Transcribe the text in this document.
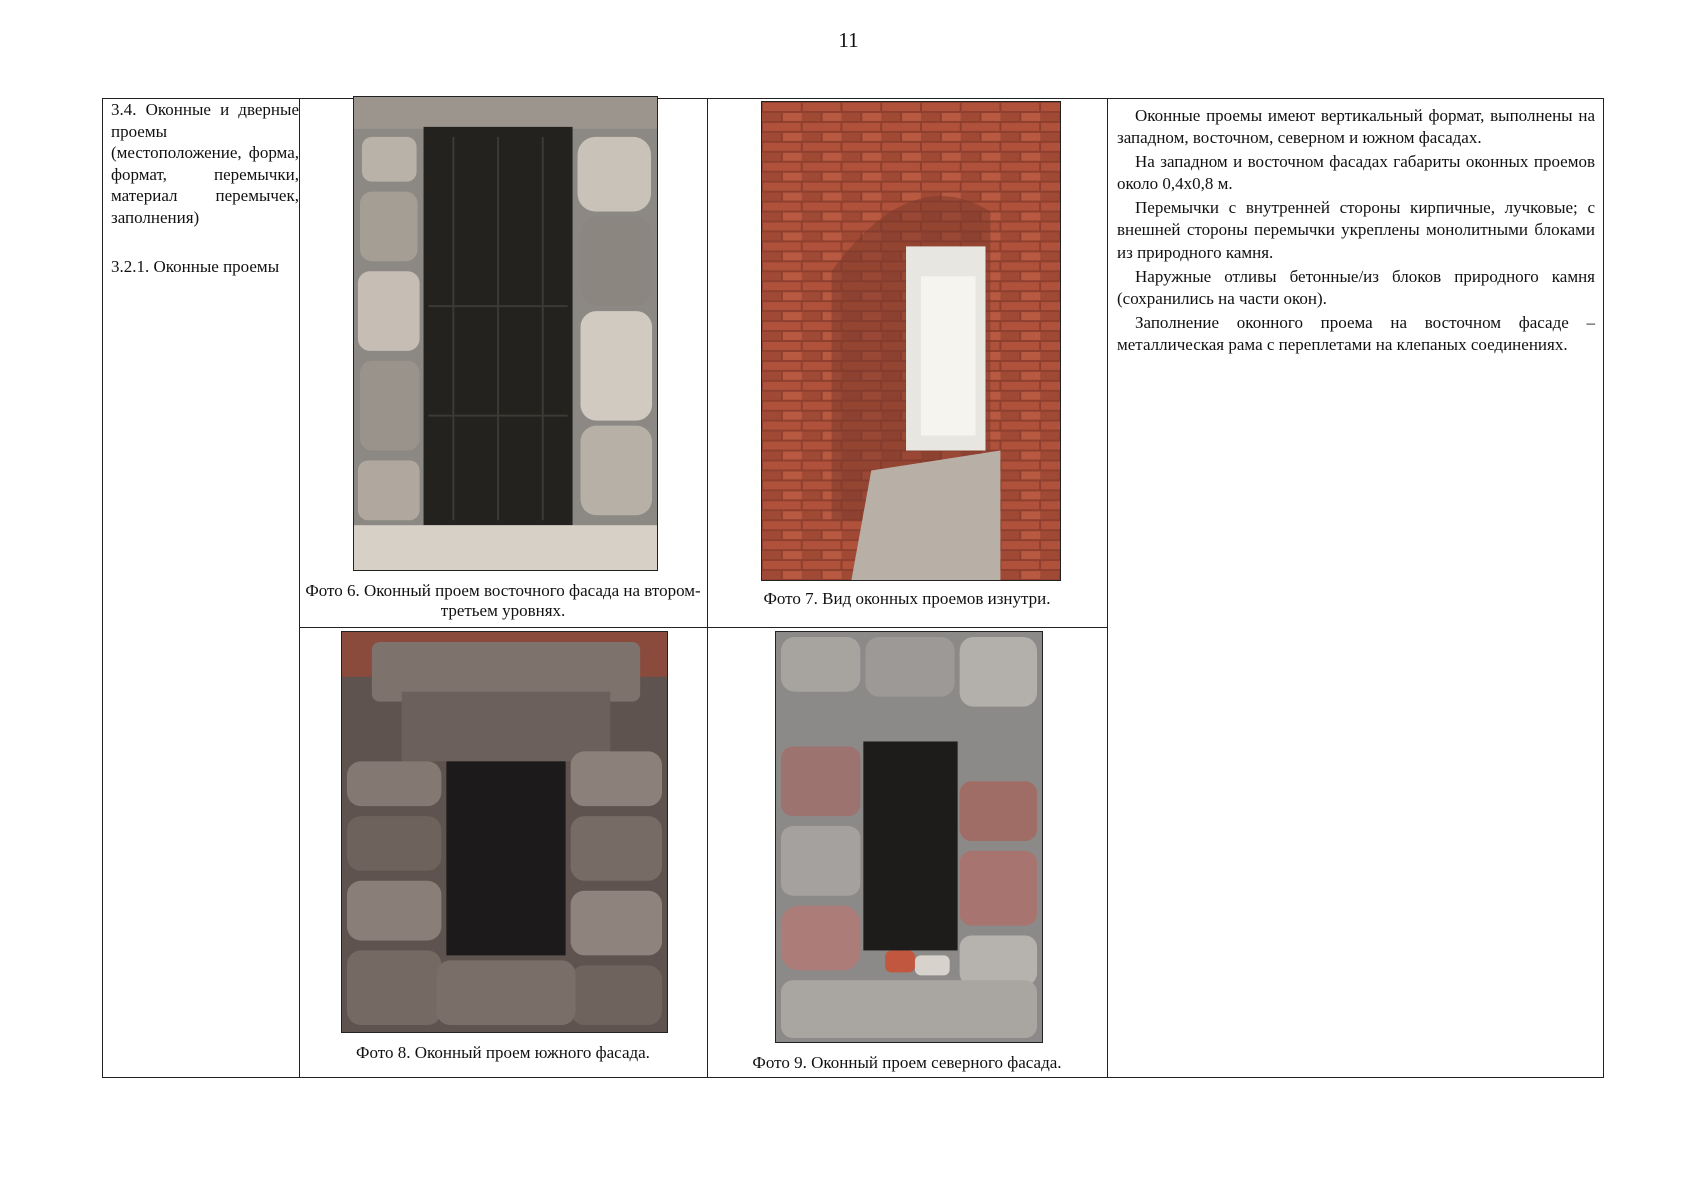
11

3.4. Оконные и дверные проемы (местоположение, форма, формат, перемычки, материал перемычек, заполнения)

3.2.1. Оконные проемы

Фото 6. Оконный проем восточного фасада на втором-третьем уровнях.
Фото 7. Вид оконных проемов изнутри.
Фото 8. Оконный проем южного фасада.
Фото 9. Оконный проем северного фасада.

Оконные проемы имеют вертикальный формат, выполнены на западном, восточном, северном и южном фасадах.

На западном и восточном фасадах габариты оконных проемов около 0,4х0,8 м.

Перемычки с внутренней стороны кирпичные, лучковые; с внешней стороны перемычки укреплены монолитными блоками из природного камня.

Наружные отливы бетонные/из блоков природного камня (сохранились на части окон).

Заполнение оконного проема на восточном фасаде – металлическая рама с переплетами на клепаных соединениях.
